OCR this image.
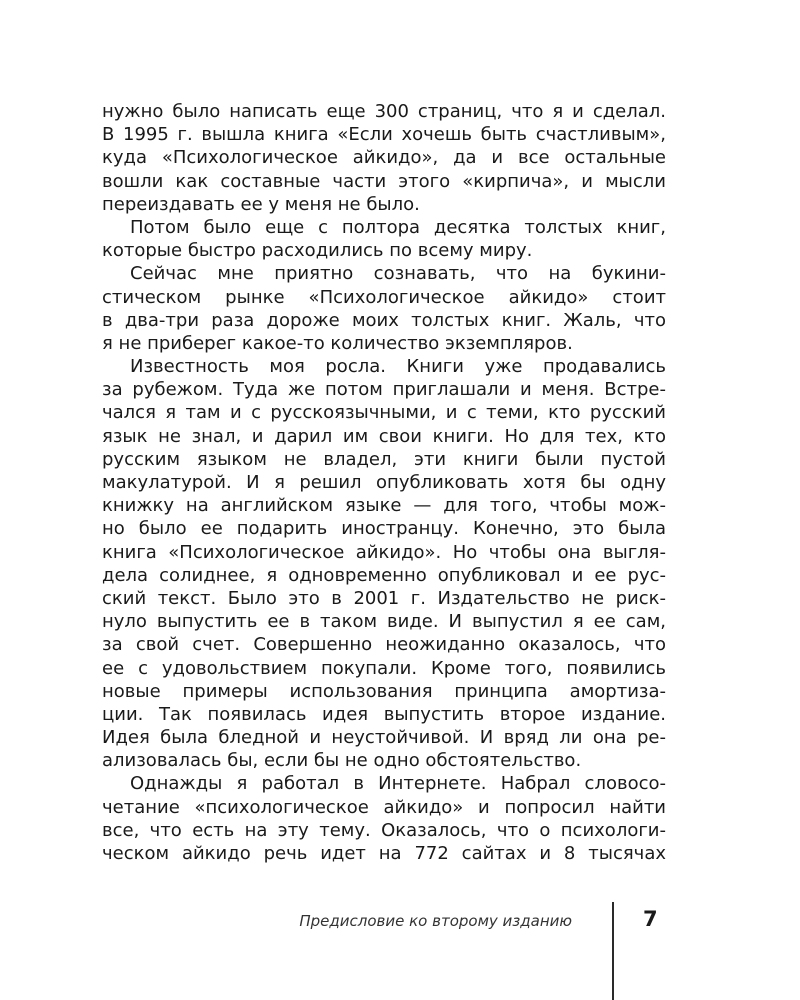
нужно было написать еще 300 страниц, что я и сделал.
В 1995 г. вышла книга «Если хочешь быть счастливым»,
куда «Психологическое айкидо», да и все остальные
вошли как составные части этого «кирпича», и мысли
переиздавать ее у меня не было.
Потом было еще с полтора десятка толстых книг,
которые быстро расходились по всему миру.
Сейчас мне приятно сознавать, что на букини-
стическом рынке «Психологическое айкидо» стоит
в два-три раза дороже моих толстых книг. Жаль, что
я не приберег какое-то количество экземпляров.
Известность моя росла. Книги уже продавались
за рубежом. Туда же потом приглашали и меня. Встре-
чался я там и с русскоязычными, и с теми, кто русский
язык не знал, и дарил им свои книги. Но для тех, кто
русским языком не владел, эти книги были пустой
макулатурой. И я решил опубликовать хотя бы одну
книжку на английском языке — для того, чтобы мож-
но было ее подарить иностранцу. Конечно, это была
книга «Психологическое айкидо». Но чтобы она выгля-
дела солиднее, я одновременно опубликовал и ее рус-
ский текст. Было это в 2001 г. Издательство не риск-
нуло выпустить ее в таком виде. И выпустил я ее сам,
за свой счет. Совершенно неожиданно оказалось, что
ее с удовольствием покупали. Кроме того, появились
новые примеры использования принципа амортиза-
ции. Так появилась идея выпустить второе издание.
Идея была бледной и неустойчивой. И вряд ли она ре-
ализовалась бы, если бы не одно обстоятельство.
Однажды я работал в Интернете. Набрал словосо-
четание «психологическое айкидо» и попросил найти
все, что есть на эту тему. Оказалось, что о психологи-
ческом айкидо речь идет на 772 сайтах и 8 тысячах

Предисловие ко второму изданию	7
